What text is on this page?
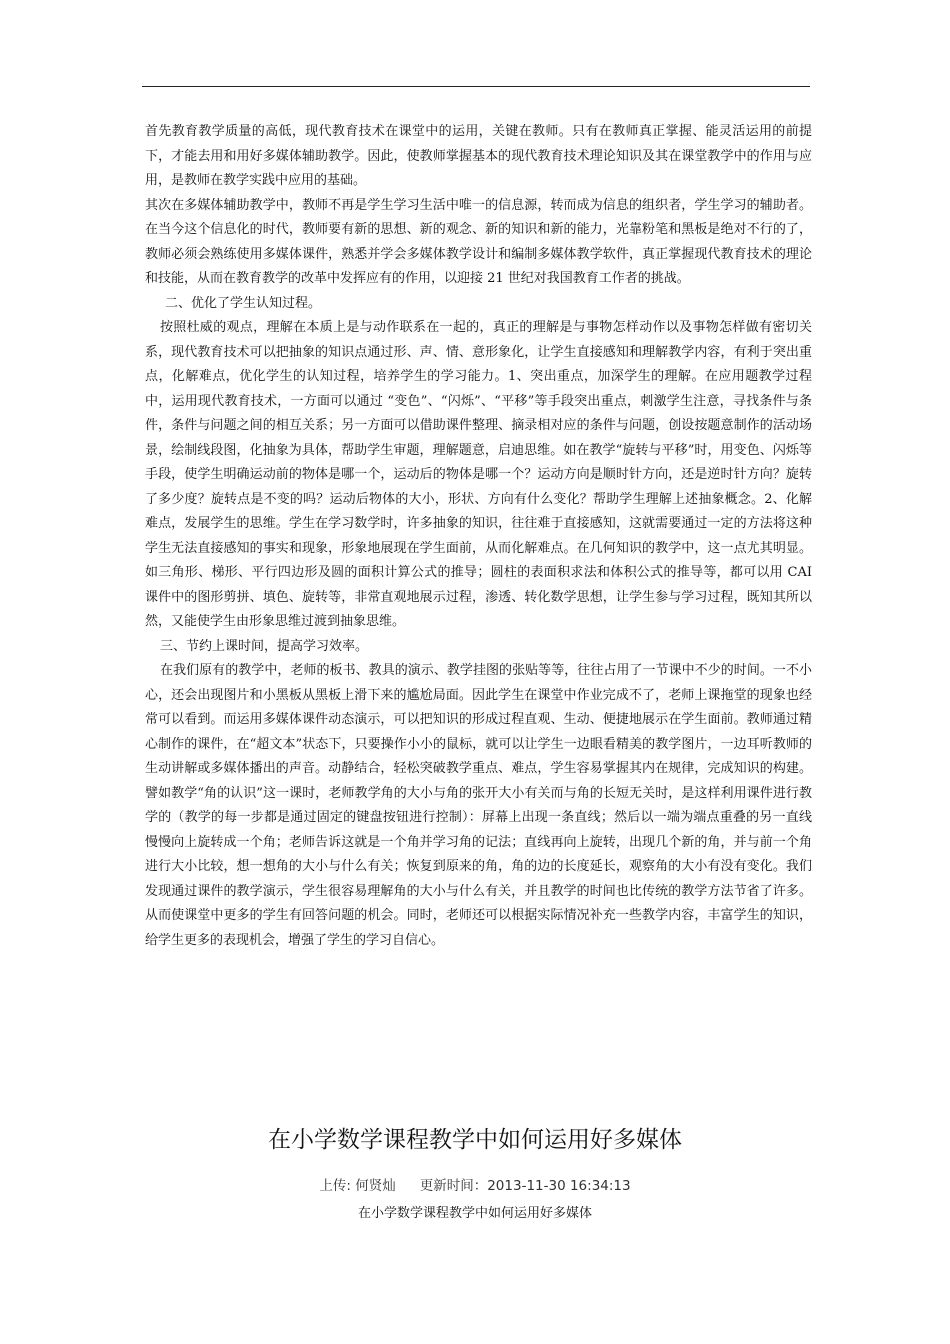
首先教育教学质量的高低，现代教育技术在课堂中的运用，关键在教师。只有在教师真正掌握、能灵活运用的前提下，才能去用和用好多媒体辅助教学。因此，使教师掌握基本的现代教育技术理论知识及其在课堂教学中的作用与应用，是教师在教学实践中应用的基础。

其次在多媒体辅助教学中，教师不再是学生学习生活中唯一的信息源，转而成为信息的组织者，学生学习的辅助者。在当今这个信息化的时代，教师要有新的思想、新的观念、新的知识和新的能力，光靠粉笔和黑板是绝对不行的了，教师必须会熟练使用多媒体课件，熟悉并学会多媒体教学设计和编制多媒体教学软件，真正掌握现代教育技术的理论和技能，从而在教育教学的改革中发挥应有的作用，以迎接 21 世纪对我国教育工作者的挑战。

二、优化了学生认知过程。

按照杜威的观点，理解在本质上是与动作联系在一起的，真正的理解是与事物怎样动作以及事物怎样做有密切关系，现代教育技术可以把抽象的知识点通过形、声、情、意形象化，让学生直接感知和理解教学内容，有利于突出重点，化解难点，优化学生的认知过程，培养学生的学习能力。1、突出重点，加深学生的理解。在应用题教学过程中，运用现代教育技术，一方面可以通过 “变色”、“闪烁”、“平移”等手段突出重点，刺激学生注意，寻找条件与条件，条件与问题之间的相互关系；另一方面可以借助课件整理、摘录相对应的条件与问题，创设按题意制作的活动场景，绘制线段图，化抽象为具体，帮助学生审题，理解题意，启迪思维。如在教学“旋转与平移”时，用变色、闪烁等手段，使学生明确运动前的物体是哪一个，运动后的物体是哪一个？运动方向是顺时针方向，还是逆时针方向？旋转了多少度？旋转点是不变的吗？运动后物体的大小，形状、方向有什么变化？帮助学生理解上述抽象概念。2、化解难点，发展学生的思维。学生在学习数学时，许多抽象的知识，往往难于直接感知，这就需要通过一定的方法将这种学生无法直接感知的事实和现象，形象地展现在学生面前，从而化解难点。在几何知识的教学中，这一点尤其明显。如三角形、梯形、平行四边形及圆的面积计算公式的推导；圆柱的表面积求法和体积公式的推导等，都可以用 CAI 课件中的图形剪拼、填色、旋转等，非常直观地展示过程，渗透、转化数学思想，让学生参与学习过程，既知其所以然，又能使学生由形象思维过渡到抽象思维。

三、节约上课时间，提高学习效率。

在我们原有的教学中，老师的板书、教具的演示、教学挂图的张贴等等，往往占用了一节课中不少的时间。一不小心，还会出现图片和小黑板从黑板上滑下来的尴尬局面。因此学生在课堂中作业完成不了，老师上课拖堂的现象也经常可以看到。而运用多媒体课件动态演示，可以把知识的形成过程直观、生动、便捷地展示在学生面前。教师通过精心制作的课件，在“超文本”状态下，只要操作小小的鼠标，就可以让学生一边眼看精美的教学图片，一边耳听教师的生动讲解或多媒体播出的声音。动静结合，轻松突破教学重点、难点，学生容易掌握其内在规律，完成知识的构建。譬如教学“角的认识”这一课时，老师教学角的大小与角的张开大小有关而与角的长短无关时，是这样利用课件进行教学的（教学的每一步都是通过固定的键盘按钮进行控制）：屏幕上出现一条直线；然后以一端为端点重叠的另一直线慢慢向上旋转成一个角；老师告诉这就是一个角并学习角的记法；直线再向上旋转，出现几个新的角，并与前一个角进行大小比较，想一想角的大小与什么有关；恢复到原来的角，角的边的长度延长，观察角的大小有没有变化。我们发现通过课件的教学演示，学生很容易理解角的大小与什么有关，并且教学的时间也比传统的教学方法节省了许多。从而使课堂中更多的学生有回答问题的机会。同时，老师还可以根据实际情况补充一些教学内容，丰富学生的知识，给学生更多的表现机会，增强了学生的学习自信心。

在小学数学课程教学中如何运用好多媒体
上传: 何贤灿 更新时间：2013-11-30 16:34:13
在小学数学课程教学中如何运用好多媒体
